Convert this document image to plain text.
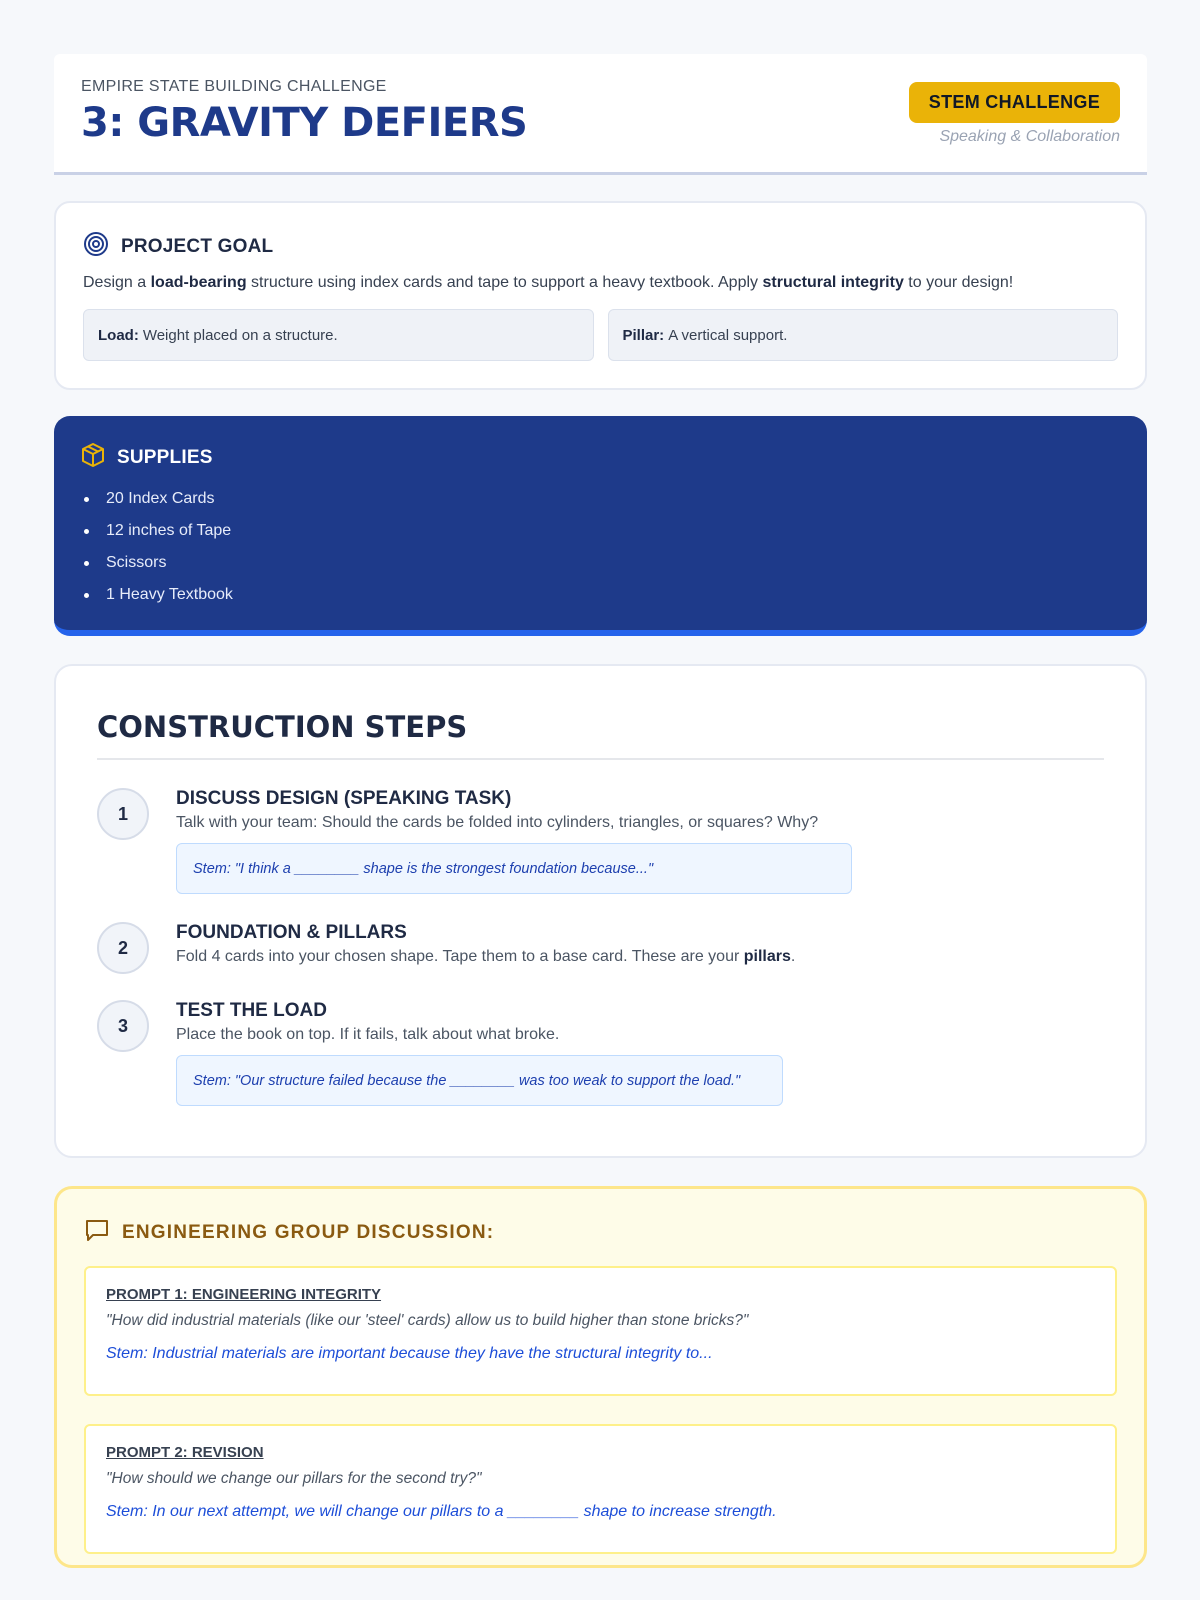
EMPIRE STATE BUILDING CHALLENGE
3: GRAVITY DEFIERS	STEM CHALLENGE
Speaking & Collaboration
PROJECT GOAL
Design a load-bearing structure using index cards and tape to support a heavy textbook. Apply structural integrity to your design!
Load: Weight placed on a structure.	Pillar: A vertical support.
SUPPLIES
20 Index Cards
12 inches of Tape
Scissors
1 Heavy Textbook
CONSTRUCTION STEPS
1
DISCUSS DESIGN (SPEAKING TASK)
Talk with your team: Should the cards be folded into cylinders, triangles, or squares? Why?
Stem: "I think a ________ shape is the strongest foundation because..."
2
FOUNDATION & PILLARS
Fold 4 cards into your chosen shape. Tape them to a base card. These are your pillars.
3
TEST THE LOAD
Place the book on top. If it fails, talk about what broke.
Stem: "Our structure failed because the ________ was too weak to support the load."
ENGINEERING GROUP DISCUSSION:
PROMPT 1: ENGINEERING INTEGRITY
"How did industrial materials (like our 'steel' cards) allow us to build higher than stone bricks?"
Stem: Industrial materials are important because they have the structural integrity to...
PROMPT 2: REVISION
"How should we change our pillars for the second try?"
Stem: In our next attempt, we will change our pillars to a ________ shape to increase strength.
